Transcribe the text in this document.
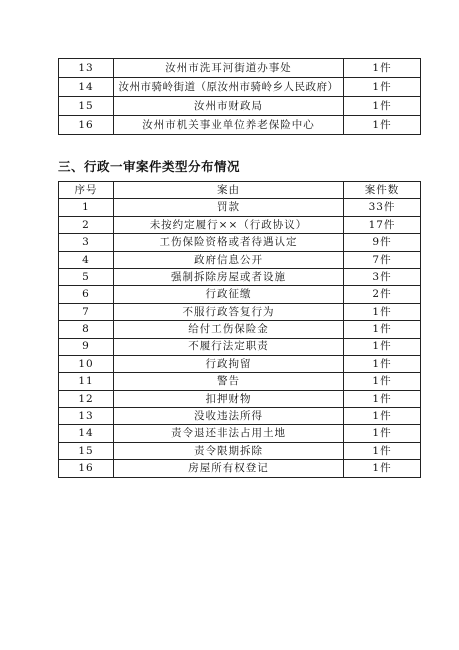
13	汝州市洗耳河街道办事处	1件
14	汝州市骑岭街道（原汝州市骑岭乡人民政府）	1件
15	汝州市财政局	1件
16	汝州市机关事业单位养老保险中心	1件
三、行政一审案件类型分布情况
序号	案由	案件数
1	罚款	33件
2	未按约定履行××（行政协议）	17件
3	工伤保险资格或者待遇认定	9件
4	政府信息公开	7件
5	强制拆除房屋或者设施	3件
6	行政征缴	2件
7	不服行政答复行为	1件
8	给付工伤保险金	1件
9	不履行法定职责	1件
10	行政拘留	1件
11	警告	1件
12	扣押财物	1件
13	没收违法所得	1件
14	责令退还非法占用土地	1件
15	责令限期拆除	1件
16	房屋所有权登记	1件
